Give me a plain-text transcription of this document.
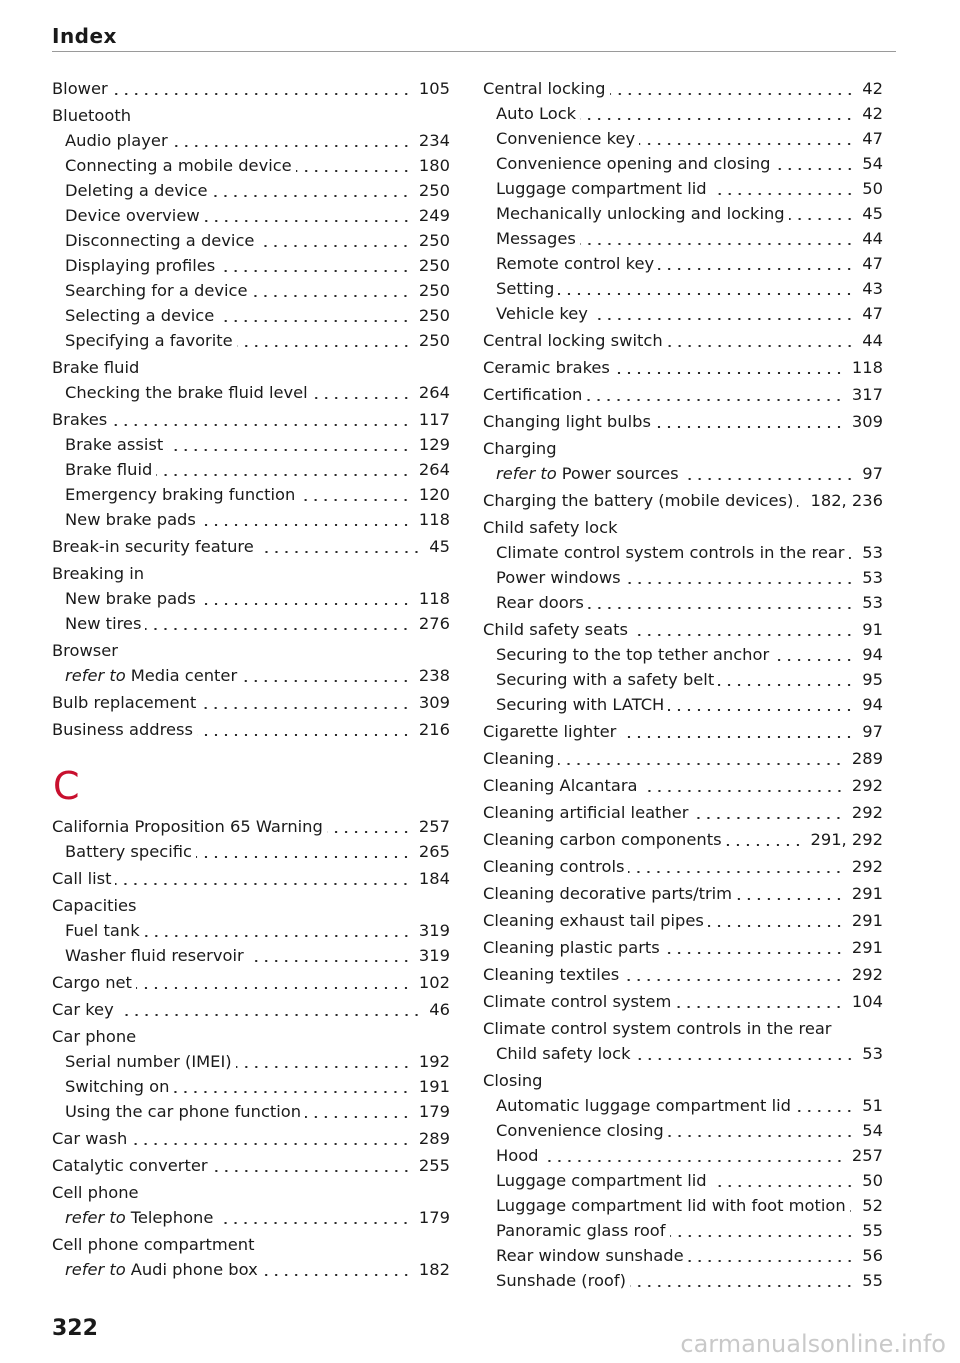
Index
Blower	105
Bluetooth
Audio player	234
Connecting a mobile device	180
Deleting a device	250
Device overview	249
Disconnecting a device	250
Displaying profiles	250
Searching for a device	250
Selecting a device	250
Specifying a favorite	250
Brake fluid
Checking the brake fluid level	264
Brakes	117
Brake assist	129
Brake fluid	264
Emergency braking function	120
New brake pads	118
Break-in security feature	45
Breaking in
New brake pads	118
New tires	276
Browser
refer to Media center	238
Bulb replacement	309
Business address	216
C
California Proposition 65 Warning	257
Battery specific	265
Call list	184
Capacities
Fuel tank	319
Washer fluid reservoir	319
Cargo net	102
Car key	46
Car phone
Serial number (IMEI)	192
Switching on	191
Using the car phone function	179
Car wash	289
Catalytic converter	255
Cell phone
refer to Telephone	179
Cell phone compartment
refer to Audi phone box	182
Central locking	42
Auto Lock	42
Convenience key	47
Convenience opening and closing	54
Luggage compartment lid	50
Mechanically unlocking and locking	45
Messages	44
Remote control key	47
Setting	43
Vehicle key	47
Central locking switch	44
Ceramic brakes	118
Certification	317
Changing light bulbs	309
Charging
refer to Power sources	97
Charging the battery (mobile devices) 182, 236
Child safety lock
Climate control system controls in the rear 53
Power windows	53
Rear doors	53
Child safety seats	91
Securing to the top tether anchor	94
Securing with a safety belt	95
Securing with LATCH	94
Cigarette lighter	97
Cleaning	289
Cleaning Alcantara	292
Cleaning artificial leather	292
Cleaning carbon components	291, 292
Cleaning controls	292
Cleaning decorative parts/trim	291
Cleaning exhaust tail pipes	291
Cleaning plastic parts	291
Cleaning textiles	292
Climate control system	104
Climate control system controls in the rear
Child safety lock	53
Closing
Automatic luggage compartment lid	51
Convenience closing	54
Hood	257
Luggage compartment lid	50
Luggage compartment lid with foot motion 52
Panoramic glass roof	55
Rear window sunshade	56
Sunshade (roof)	55
322
carmanualsonline.info
